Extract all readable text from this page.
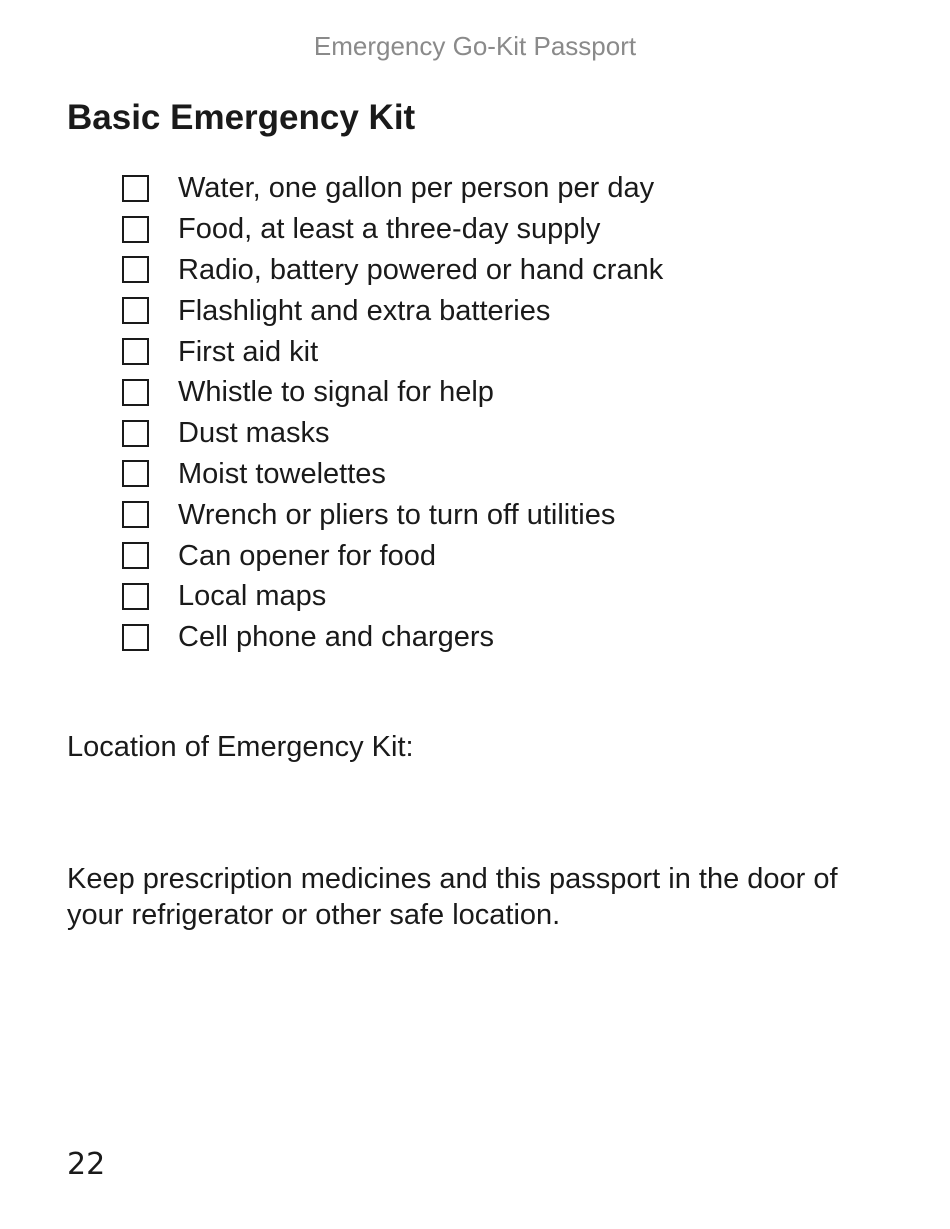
Emergency Go-Kit Passport
Basic Emergency Kit
Water, one gallon per person per day
Food, at least a three-day supply
Radio, battery powered or hand crank
Flashlight and extra batteries
First aid kit
Whistle to signal for help
Dust masks
Moist towelettes
Wrench or pliers to turn off utilities
Can opener for food
Local maps
Cell phone and chargers
Location of Emergency Kit:

Keep prescription medicines and this passport in the door of your refrigerator or other safe location.

22
